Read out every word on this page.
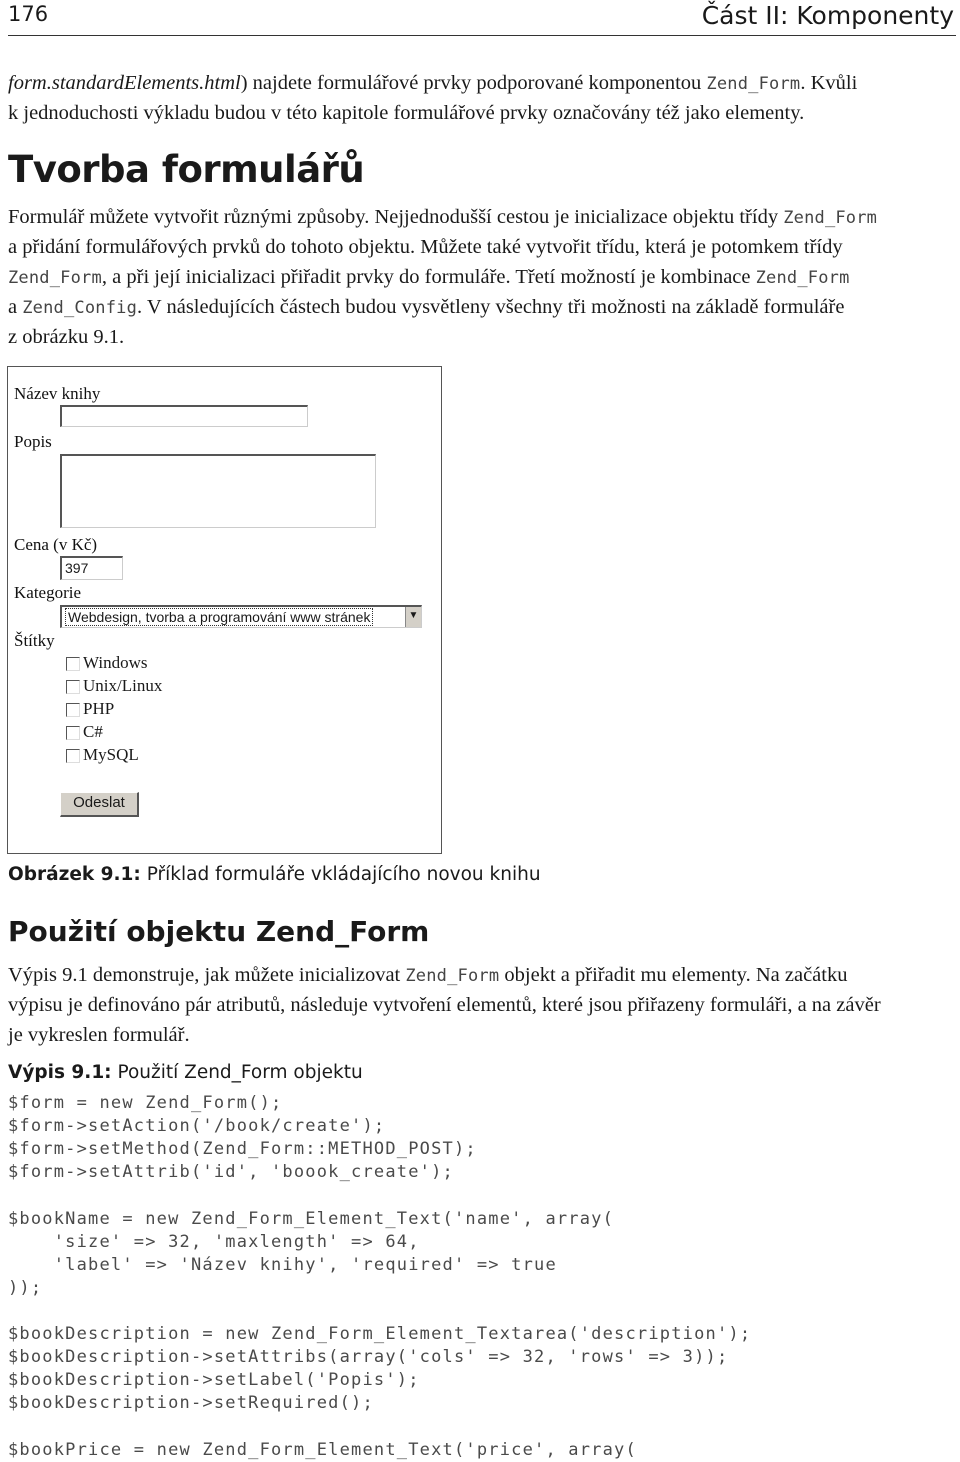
176	Část II: Komponenty
form.standardElements.html) najdete formulářové prvky podporované komponentou Zend_Form. Kvůli
k jednoduchosti výkladu budou v této kapitole formulářové prvky označovány též jako elementy.
Tvorba formulářů
Formulář můžete vytvořit různými způsoby. Nejjednodušší cestou je inicializace objektu třídy Zend_Form
a přidání formulářových prvků do tohoto objektu. Můžete také vytvořit třídu, která je potomkem třídy
Zend_Form, a při její inicializaci přiřadit prvky do formuláře. Třetí možností je kombinace Zend_Form
a Zend_Config. V následujících částech budou vysvětleny všechny tři možnosti na základě formuláře
z obrázku 9.1.
Název knihy
Popis
Cena (v Kč)
397
Kategorie
Webdesign, tvorba a programování www stránek	▼
Štítky
Windows
Unix/Linux
PHP
C#
MySQL
Odeslat
Obrázek 9.1: Příklad formuláře vkládajícího novou knihu
Použití objektu Zend_Form
Výpis 9.1 demonstruje, jak můžete inicializovat Zend_Form objekt a přiřadit mu elementy. Na začátku
výpisu je definováno pár atributů, následuje vytvoření elementů, které jsou přiřazeny formuláři, a na závěr
je vykreslen formulář.
Výpis 9.1: Použití Zend_Form objektu
$form = new Zend_Form();
$form->setAction('/book/create');
$form->setMethod(Zend_Form::METHOD_POST);
$form->setAttrib('id', 'boook_create');
$bookName = new Zend_Form_Element_Text('name', array(
'size' => 32, 'maxlength' => 64,
'label' => 'Název knihy', 'required' => true
));
$bookDescription = new Zend_Form_Element_Textarea('description');
$bookDescription->setAttribs(array('cols' => 32, 'rows' => 3));
$bookDescription->setLabel('Popis');
$bookDescription->setRequired();
$bookPrice = new Zend_Form_Element_Text('price', array(
